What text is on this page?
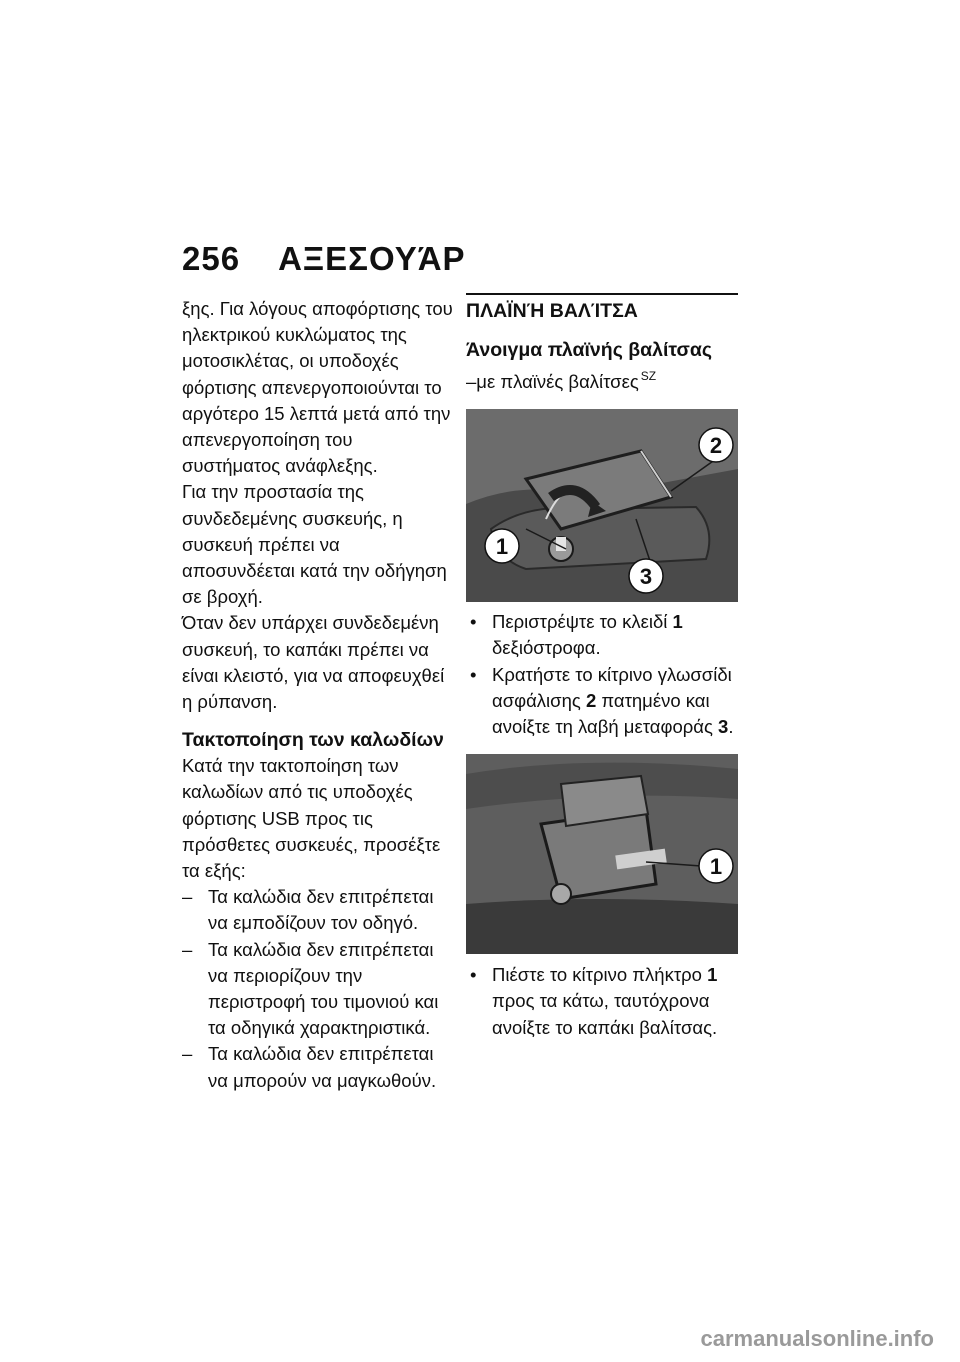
256 ΑΞΕΣΟΥΆΡ

ξης. Για λόγους αποφόρτισης του ηλεκτρικού κυκλώματος της μοτοσικλέτας, οι υποδοχές φόρτισης απενεργοποιούνται το αργότερο 15 λεπτά μετά από την απενεργοποίηση του συστήματος ανάφλεξης.

Για την προστασία της συνδεδεμένης συσκευής, η συσκευή πρέπει να αποσυνδέεται κατά την οδήγηση σε βροχή.

Όταν δεν υπάρχει συνδεδεμένη συσκευή, το καπάκι πρέπει να είναι κλειστό, για να αποφευχθεί η ρύπανση.

Τακτοποίηση των καλωδίων

Κατά την τακτοποίηση των καλωδίων από τις υποδοχές φόρτισης USB προς τις πρόσθετες συσκευές, προσέξτε τα εξής:

– Τα καλώδια δεν επιτρέπεται να εμποδίζουν τον οδηγό.

– Τα καλώδια δεν επιτρέπεται να περιορίζουν την περιστροφή του τιμονιού και τα οδηγικά χαρακτηριστικά.

– Τα καλώδια δεν επιτρέπεται να μπορούν να μαγκωθούν.

ΠΛΑΪΝΉ ΒΑΛΊΤΣΑ
Άνοιγμα πλαϊνής βαλίτσας

–με πλαϊνές βαλίτσες $^{SZ}$

1
2
3

• Περιστρέψτε το κλειδί 1 δεξιόστροφα.

• Κρατήστε το κίτρινο γλωσσίδι ασφάλισης 2 πατημένο και ανοίξτε τη λαβή μεταφοράς 3.

1

• Πιέστε το κίτρινο πλήκτρο 1 προς τα κάτω, ταυτόχρονα ανοίξτε το καπάκι βαλίτσας.

carmanualsonline.info
